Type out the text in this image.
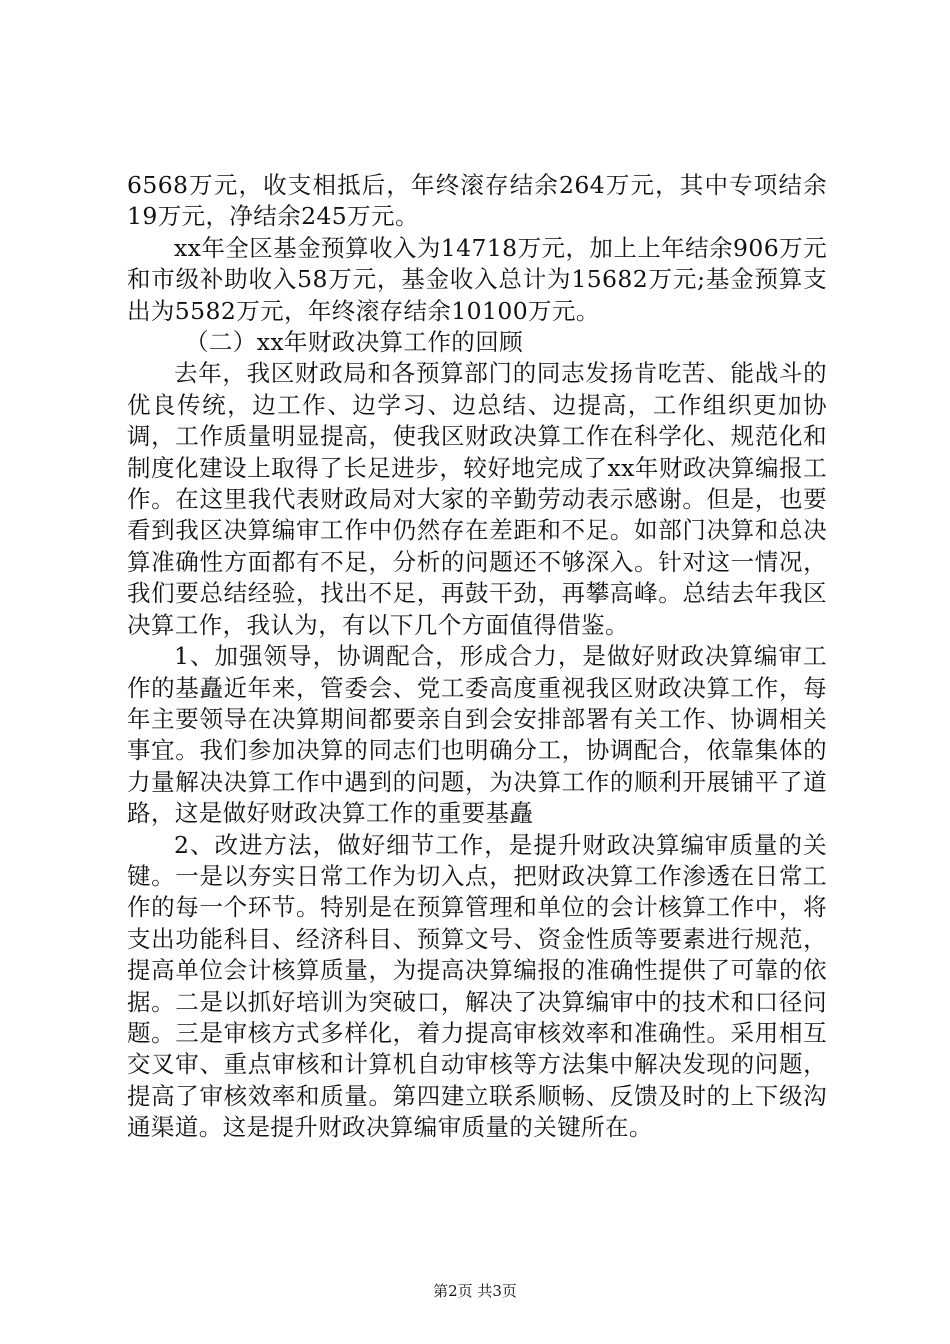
6568万元，收支相抵后，年终滚存结余264万元，其中专项结余19万元，净结余245万元。

xx年全区基金预算收入为14718万元，加上上年结余906万元和市级补助收入58万元，基金收入总计为15682万元;基金预算支出为5582万元，年终滚存结余10100万元。

（二）xx年财政决算工作的回顾

去年，我区财政局和各预算部门的同志发扬肯吃苦、能战斗的优良传统，边工作、边学习、边总结、边提高，工作组织更加协调，工作质量明显提高，使我区财政决算工作在科学化、规范化和制度化建设上取得了长足进步，较好地完成了xx年财政决算编报工作。在这里我代表财政局对大家的辛勤劳动表示感谢。但是，也要看到我区决算编审工作中仍然存在差距和不足。如部门决算和总决算准确性方面都有不足，分析的问题还不够深入。针对这一情况，我们要总结经验，找出不足，再鼓干劲，再攀高峰。总结去年我区决算工作，我认为，有以下几个方面值得借鉴。

1、加强领导，协调配合，形成合力，是做好财政决算编审工作的基矗近年来，管委会、党工委高度重视我区财政决算工作，每年主要领导在决算期间都要亲自到会安排部署有关工作、协调相关事宜。我们参加决算的同志们也明确分工，协调配合，依靠集体的力量解决决算工作中遇到的问题，为决算工作的顺利开展铺平了道路，这是做好财政决算工作的重要基矗

2、改进方法，做好细节工作，是提升财政决算编审质量的关键。一是以夯实日常工作为切入点，把财政决算工作渗透在日常工作的每一个环节。特别是在预算管理和单位的会计核算工作中，将支出功能科目、经济科目、预算文号、资金性质等要素进行规范，提高单位会计核算质量，为提高决算编报的准确性提供了可靠的依据。二是以抓好培训为突破口，解决了决算编审中的技术和口径问题。三是审核方式多样化，着力提高审核效率和准确性。采用相互交叉审、重点审核和计算机自动审核等方法集中解决发现的问题，提高了审核效率和质量。第四建立联系顺畅、反馈及时的上下级沟通渠道。这是提升财政决算编审质量的关键所在。

第2页 共3页
